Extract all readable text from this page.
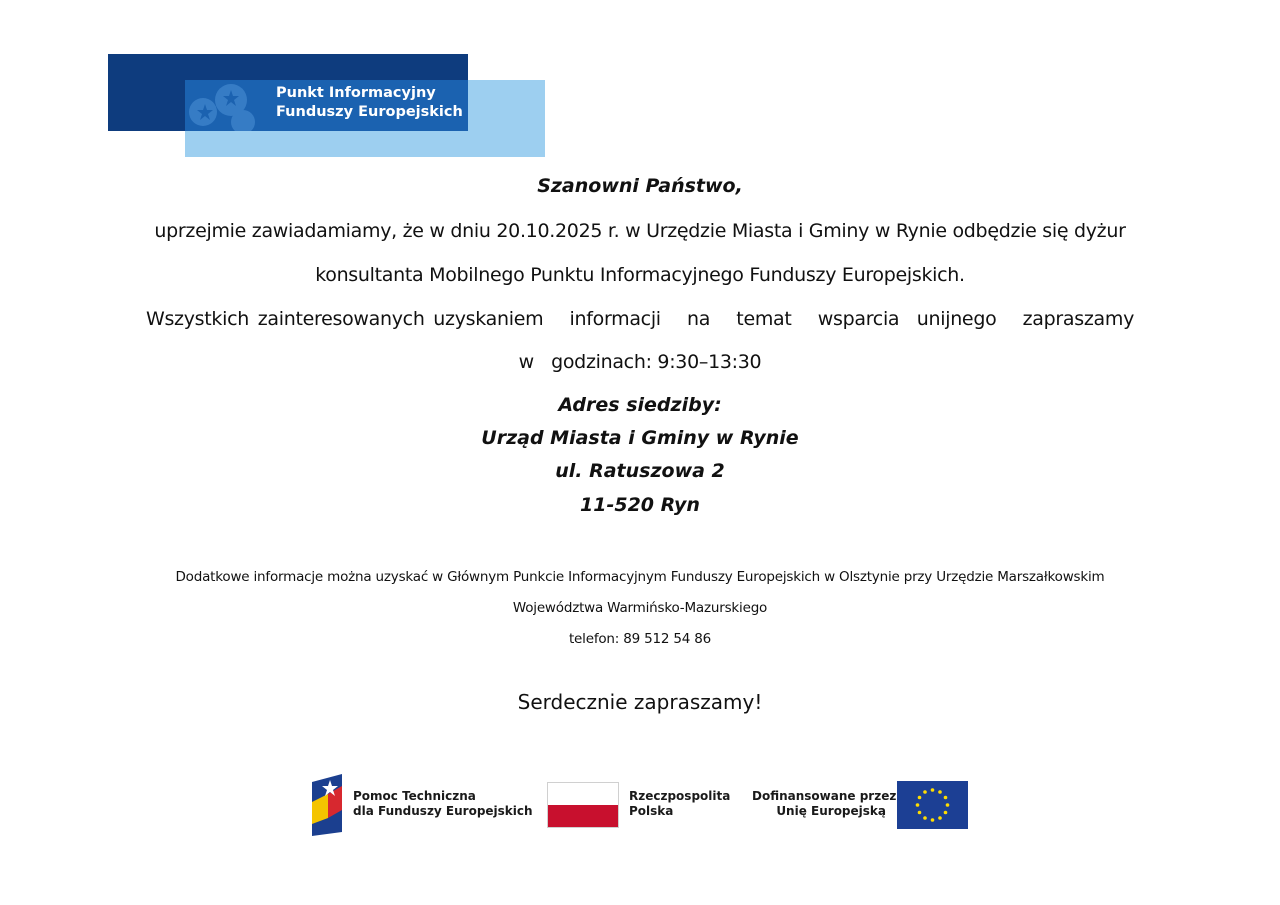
Punkt Informacyjny
Funduszy Europejskich
Szanowni Państwo,
uprzejmie zawiadamiamy, że w dniu 20.10.2025 r. w Urzędzie Miasta i Gminy w Rynie odbędzie się dyżur
konsultanta Mobilnego Punktu Informacyjnego Funduszy Europejskich.
Wszystkich zainteresowanych uzyskaniem   informacji   na   temat   wsparcia  unijnego   zapraszamy
w   godzinach: 9:30–13:30
Adres siedziby:
Urząd Miasta i Gminy w Rynie
ul. Ratuszowa 2
11-520 Ryn
Dodatkowe informacje można uzyskać w Głównym Punkcie Informacyjnym Funduszy Europejskich w Olsztynie przy Urzędzie Marszałkowskim
Województwa Warmińsko-Mazurskiego
telefon: 89 512 54 86
Serdecznie zapraszamy!
Pomoc Techniczna
dla Funduszy Europejskich
Rzeczpospolita
Polska
Dofinansowane przez
Unię Europejską
